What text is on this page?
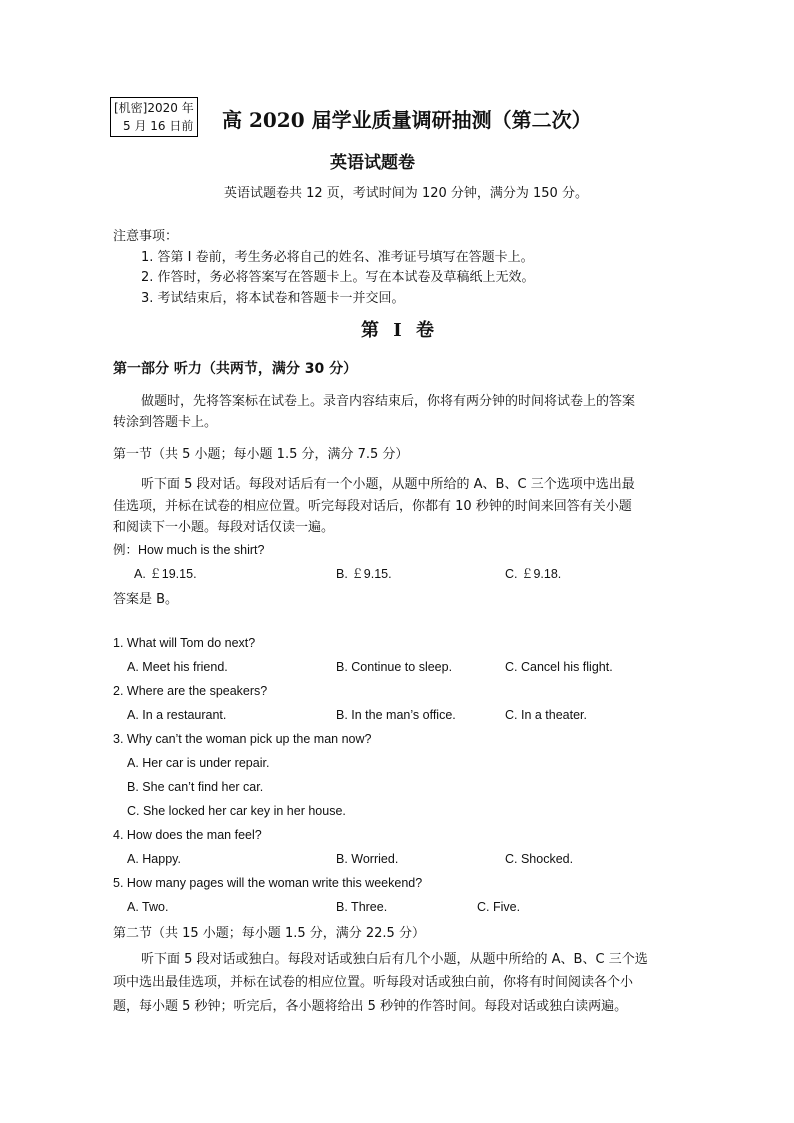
[机密]2020 年
5 月 16 日前 高 2020 届学业质量调研抽测（第二次）
英语试题卷
英语试题卷共 12 页，考试时间为 120 分钟，满分为 150 分。
注意事项：
1. 答第 Ⅰ 卷前，考生务必将自己的姓名、准考证号填写在答题卡上。
2. 作答时，务必将答案写在答题卡上。写在本试卷及草稿纸上无效。
3. 考试结束后，将本试卷和答题卡一并交回。
第 Ⅰ 卷
第一部分 听力（共两节，满分 30 分）
做题时，先将答案标在试卷上。录音内容结束后，你将有两分钟的时间将试卷上的答案
转涂到答题卡上。
第一节（共 5 小题；每小题 1.5 分，满分 7.5 分）
听下面 5 段对话。每段对话后有一个小题，从题中所给的 A、B、C 三个选项中选出最
佳选项，并标在试卷的相应位置。听完每段对话后，你都有 10 秒钟的时间来回答有关小题
和阅读下一小题。每段对话仅读一遍。
例：How much is the shirt?
A. ￡19.15.	B. ￡9.15.	C. ￡9.18.
答案是 B。
1. What will Tom do next?
A. Meet his friend.	B. Continue to sleep.	C. Cancel his flight.
2. Where are the speakers?
A. In a restaurant.	B. In the man’s office.	C. In a theater.
3. Why can’t the woman pick up the man now?
A. Her car is under repair.
B. She can’t find her car.
C. She locked her car key in her house.
4. How does the man feel?
A. Happy.	B. Worried.	C. Shocked.
5. How many pages will the woman write this weekend?
A. Two.	B. Three.	C. Five.
第二节（共 15 小题；每小题 1.5 分，满分 22.5 分）
听下面 5 段对话或独白。每段对话或独白后有几个小题，从题中所给的 A、B、C 三个选
项中选出最佳选项，并标在试卷的相应位置。听每段对话或独白前，你将有时间阅读各个小
题，每小题 5 秒钟；听完后，各小题将给出 5 秒钟的作答时间。每段对话或独白读两遍。
